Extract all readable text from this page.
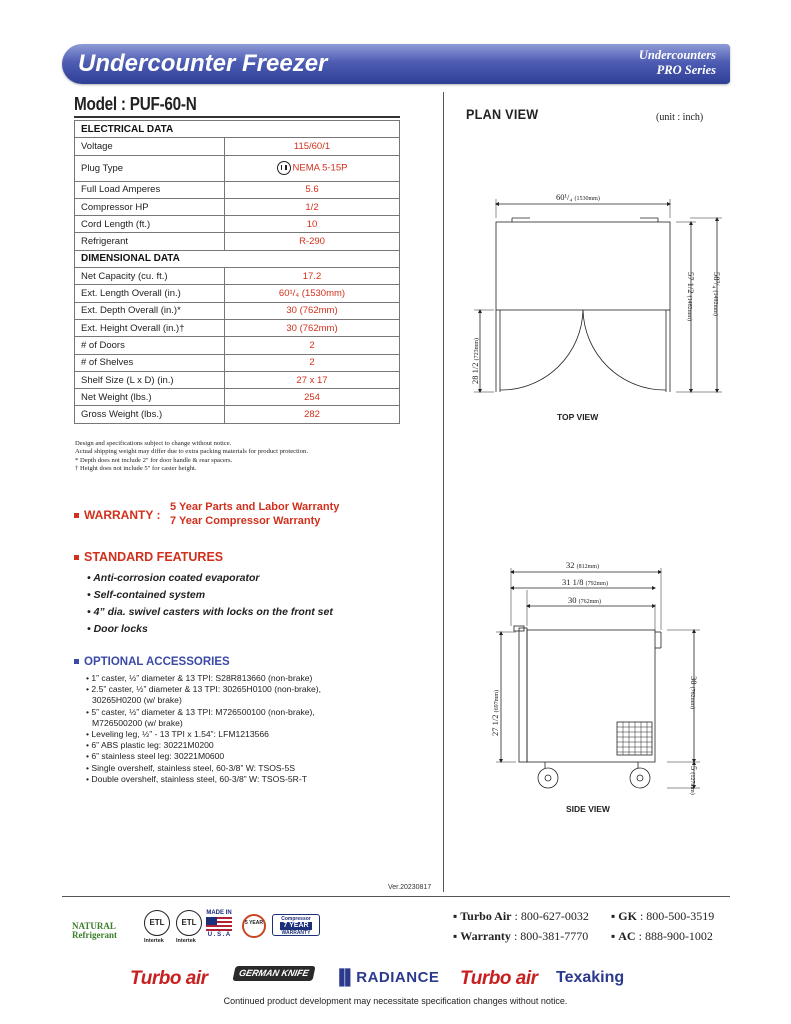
Undercounter Freezer	Undercounters
PRO Series
Model : PUF-60-N
ELECTRICAL DATA	
Voltage	115/60/1
Plug Type	NEMA 5-15P
Full Load Amperes	5.6
Compressor HP	1/2
Cord Length (ft.)	10
Refrigerant	R-290
DIMENSIONAL DATA	
Net Capacity (cu. ft.)	17.2
Ext. Length Overall (in.)	60¹/₄ (1530mm)
Ext. Depth Overall (in.)*	30 (762mm)
Ext. Height Overall (in.)†	30 (762mm)
# of Doors	2
# of Shelves	2
Shelf Size (L x D) (in.)	27 x 17
Net Weight (lbs.)	254
Gross Weight (lbs.)	282
Design and specifications subject to change without notice.
Actual shipping weight may differ due to extra packing materials for product protection.
* Depth does not include 2" for door handle & rear spacers.
† Height does not include 5" for caster height.
WARRANTY :
5 Year Parts and Labor Warranty
7 Year Compressor Warranty
STANDARD FEATURES
• Anti-corrosion coated evaporator
• Self-contained system
• 4” dia. swivel casters with locks on the front set
• Door locks
OPTIONAL ACCESSORIES
• 1” caster, ½” diameter & 13 TPI: S28R813660 (non-brake)
• 2.5” caster, ½” diameter & 13 TPI: 30265H0100 (non-brake),
30265H0200 (w/ brake)
• 5” caster, ½” diameter & 13 TPI: M726500100 (non-brake),
M726500200 (w/ brake)
• Leveling leg, ½” - 13 TPI x 1.54”: LFM1213566
• 6” ABS plastic leg: 30221M0200
• 6” stainless steel leg: 30221M0600
• Single overshelf, stainless steel, 60-3/8” W: TSOS-5S
• Double overshelf, stainless steel, 60-3/8” W: TSOS-5R-T
Ver.20230817
PLAN VIEW	(unit : inch)
TOP VIEW
SIDE VIEW
60¹/₄ (1530mm)
57 1/2 (1462mm)
58³/₄ (1492mm)
28 1/2 (723mm)
32 (812mm)
31 1/8 (792mm)
30 (762mm)
30 (762mm)
5 (127mm)
27 1/2 (697mm)
NATURAL
Refrigerant
ETL
Intertek
ETL
Intertek
MADE IN
U . S . A
5 YEAR
Compressor
7 YEAR
WARRANTY
▪ Turbo Air : 800-627-0032 ▪ GK : 800-500-3519
▪ Warranty : 800-381-7770 ▪ AC : 888-900-1002
Turbo air	GERMAN KNIFE	▐▌RADIANCE Turbo air Texaking
Continued product development may necessitate specification changes without notice.
